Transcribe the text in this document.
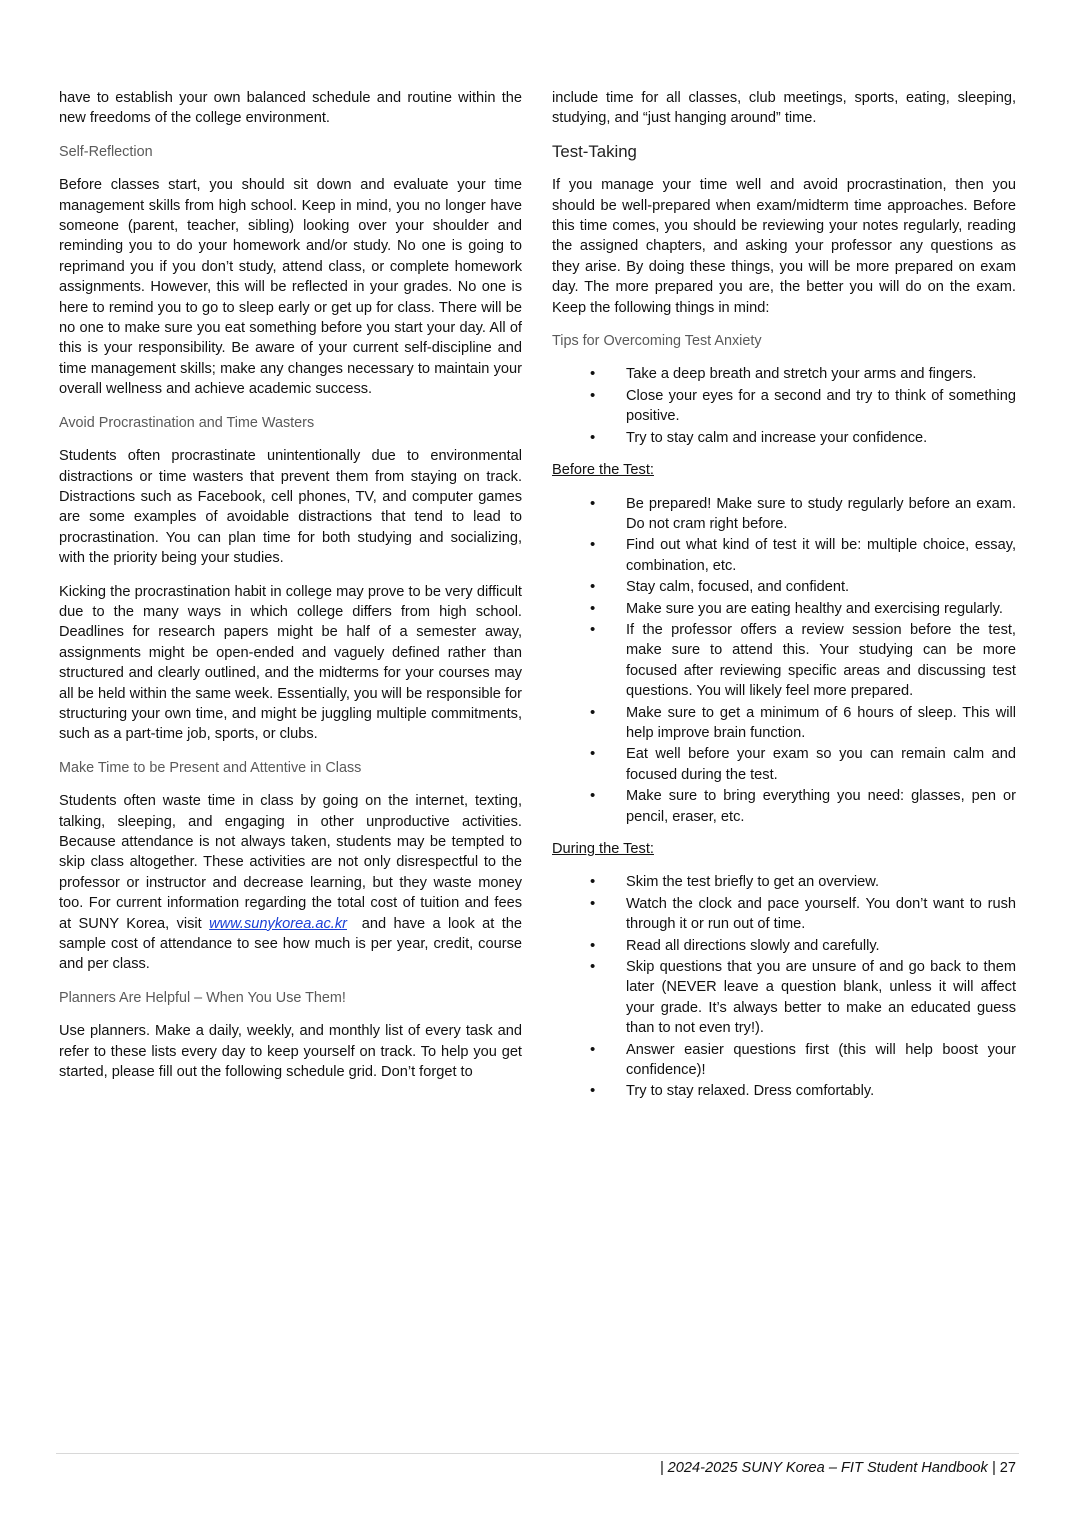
have to establish your own balanced schedule and routine within the new freedoms of the college environment.

Self-Reflection

Before classes start, you should sit down and evaluate your time management skills from high school. Keep in mind, you no longer have someone (parent, teacher, sibling) looking over your shoulder and reminding you to do your homework and/or study. No one is going to reprimand you if you don’t study, attend class, or complete homework assignments. However, this will be reflected in your grades. No one is here to remind you to go to sleep early or get up for class. There will be no one to make sure you eat something before you start your day. All of this is your responsibility. Be aware of your current self-discipline and time management skills; make any changes necessary to maintain your overall wellness and achieve academic success.

Avoid Procrastination and Time Wasters

Students often procrastinate unintentionally due to environmental distractions or time wasters that prevent them from staying on track. Distractions such as Facebook, cell phones, TV, and computer games are some examples of avoidable distractions that tend to lead to procrastination. You can plan time for both studying and socializing, with the priority being your studies.

Kicking the procrastination habit in college may prove to be very difficult due to the many ways in which college differs from high school. Deadlines for research papers might be half of a semester away, assignments might be open-ended and vaguely defined rather than structured and clearly outlined, and the midterms for your courses may all be held within the same week. Essentially, you will be responsible for structuring your own time, and might be juggling multiple commitments, such as a part-time job, sports, or clubs.

Make Time to be Present and Attentive in Class

Students often waste time in class by going on the internet, texting, talking, sleeping, and engaging in other unproductive activities. Because attendance is not always taken, students may be tempted to skip class altogether. These activities are not only disrespectful to the professor or instructor and decrease learning, but they waste money too. For current information regarding the total cost of tuition and fees at SUNY Korea, visit www.sunykorea.ac.kr and have a look at the sample cost of attendance to see how much is per year, credit, course and per class.

Planners Are Helpful – When You Use Them!

Use planners. Make a daily, weekly, and monthly list of every task and refer to these lists every day to keep yourself on track. To help you get started, please fill out the following schedule grid. Don’t forget to

include time for all classes, club meetings, sports, eating, sleeping, studying, and “just hanging around” time.

Test-Taking

If you manage your time well and avoid procrastination, then you should be well-prepared when exam/midterm time approaches. Before this time comes, you should be reviewing your notes regularly, reading the assigned chapters, and asking your professor any questions as they arise. By doing these things, you will be more prepared on exam day. The more prepared you are, the better you will do on the exam. Keep the following things in mind:

Tips for Overcoming Test Anxiety
• Take a deep breath and stretch your arms and fingers.
• Close your eyes for a second and try to think of something positive.
• Try to stay calm and increase your confidence.
Before the Test:
• Be prepared! Make sure to study regularly before an exam. Do not cram right before.
• Find out what kind of test it will be: multiple choice, essay, combination, etc.
• Stay calm, focused, and confident.
• Make sure you are eating healthy and exercising regularly.
• If the professor offers a review session before the test, make sure to attend this. Your studying can be more focused after reviewing specific areas and discussing test questions. You will likely feel more prepared.
• Make sure to get a minimum of 6 hours of sleep. This will help improve brain function.
• Eat well before your exam so you can remain calm and focused during the test.
• Make sure to bring everything you need: glasses, pen or pencil, eraser, etc.
During the Test:
• Skim the test briefly to get an overview.
• Watch the clock and pace yourself. You don’t want to rush through it or run out of time.
• Read all directions slowly and carefully.
• Skip questions that you are unsure of and go back to them later (NEVER leave a question blank, unless it will affect your grade. It’s always better to make an educated guess than to not even try!).
• Answer easier questions first (this will help boost your confidence)!
• Try to stay relaxed. Dress comfortably.
| 2024-2025 SUNY Korea – FIT Student Handbook | 27
